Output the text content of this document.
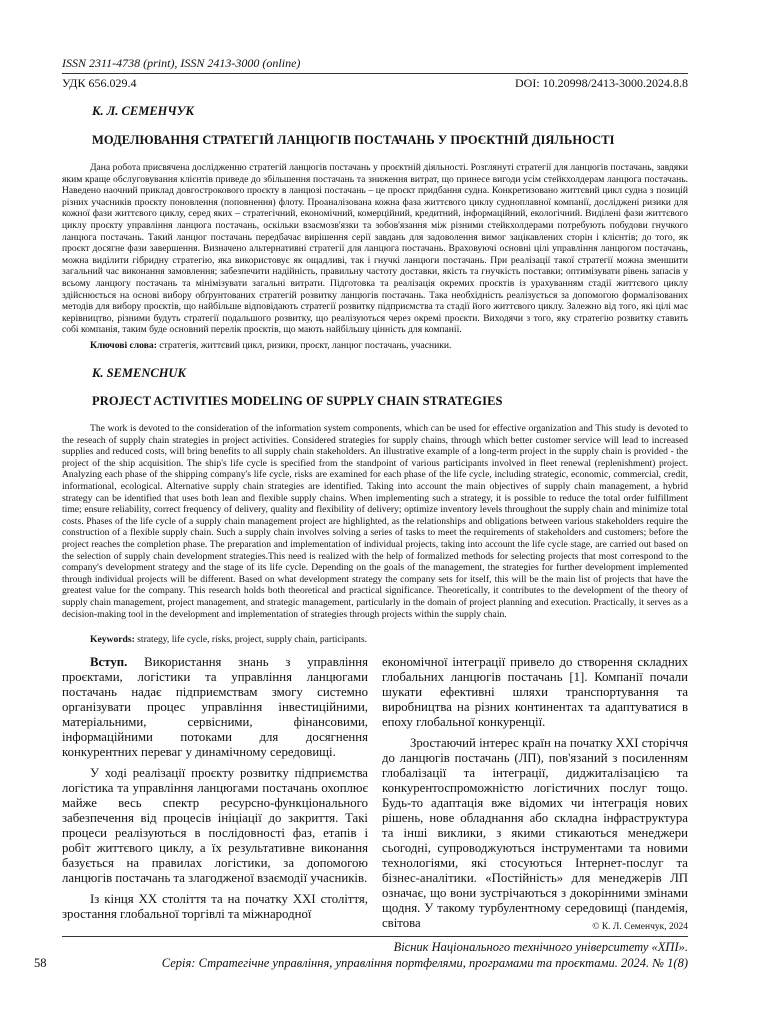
ISSN 2311-4738 (print), ISSN 2413-3000 (online)
УДК 656.029.4	DOI: 10.20998/2413-3000.2024.8.8
К. Л. СЕМЕНЧУК
МОДЕЛЮВАННЯ СТРАТЕГІЙ ЛАНЦЮГІВ ПОСТАЧАНЬ У ПРОЄКТНІЙ ДІЯЛЬНОСТІ

Дана робота присвячена дослідженню стратегій ланцюгів постачань у проєктній діяльності. Розглянуті стратегії для ланцюгів постачань, завдяки яким краще обслуговування клієнтів приведе до збільшення постачань та зниження витрат, що принесе вигоди усім стейкхолдерам ланцюга постачань. Наведено наочний приклад довгострокового проєкту в ланцюзі постачань – це проєкт придбання судна. Конкретизовано життєвий цикл судна з позицій різних учасників проєкту поновлення (поповнення) флоту. Проаналізована кожна фаза життєвого циклу судноплавної компанії, досліджені ризики для кожної фази життєвого циклу, серед яких – стратегічний, економічний, комерційний, кредитний, інформаційний, екологічний. Виділені фази життєвого циклу проєкту управління ланцюга постачань, оскільки взаємозв'язки та зобов'язання між різними стейкхолдерами потребують побудови гнучкого ланцюга постачань. Такий ланцюг постачань передбачає вирішення серії завдань для задоволення вимог зацікавлених сторін і клієнтів; до того, як проєкт досягне фази завершення. Визначено альтернативні стратегії для ланцюга постачань. Враховуючі основні цілі управління ланцюгом постачань, можна виділити гібридну стратегію, яка використовує як ощадливі, так і гнучкі ланцюги постачань. При реалізації такої стратегії можна зменшити загальний час виконання замовлення; забезпечити надійність, правильну частоту доставки, якість та гнучкість поставки; оптимізувати рівень запасів у всьому ланцюгу постачань та мінімізувати загальні витрати. Підготовка та реалізація окремих проєктів із урахуванням стадії життєвого циклу здійснюється на основі вибору обґрунтованих стратегій розвитку ланцюгів постачань. Така необхідність реалізується за допомогою формалізованих методів для вибору проєктів, що найбільше відповідають стратегії розвитку підприємства та стадії його життєвого циклу. Залежно від того, які цілі має керівництво, різними будуть стратегії подальшого розвитку, що реалізуються через окремі проєкти. Виходячи з того, яку стратегію розвитку ставить собі компанія, таким буде основний перелік проєктів, що мають найбільшу цінність для компанії.

Ключові слова: стратегія, життєвий цикл, ризики, проєкт, ланцюг постачань, учасники.
K. SEMENCHUK
PROJECT ACTIVITIES MODELING OF SUPPLY CHAIN STRATEGIES

The work is devoted to the consideration of the information system components, which can be used for effective organization and This study is devoted to the reseach of supply chain strategies in project activities. Considered strategies for supply chains, through which better customer service will lead to increased supplies and reduced costs, will bring benefits to all supply chain stakeholders. An illustrative example of a long-term project in the supply chain is provided - the project of the ship acquisition. The ship's life cycle is specified from the standpoint of various participants involved in fleet renewal (replenishment) project. Analyzing each phase of the shipping company's life cycle, risks are examined for each phase of the life cycle, including strategic, economic, commercial, credit, informational, ecological. Alternative supply chain strategies are identified. Taking into account the main objectives of supply chain management, a hybrid strategy can be identified that uses both lean and flexible supply chains. When implementing such a strategy, it is possible to reduce the total order fulfillment time; ensure reliability, correct frequency of delivery, quality and flexibility of delivery; optimize inventory levels throughout the supply chain and minimize total costs. Phases of the life cycle of a supply chain management project are highlighted, as the relationships and obligations between various stakeholders require the construction of a flexible supply chain. Such a supply chain involves solving a series of tasks to meet the requirements of stakeholders and customers; before the project reaches the completion phase. The preparation and implementation of individual projects, taking into account the life cycle stage, are carried out based on the selection of supply chain development strategies.This need is realized with the help of formalized methods for selecting projects that most correspond to the company's development strategy and the stage of its life cycle. Depending on the goals of the management, the strategies for further development implemented through individual projects will be different. Based on what development strategy the company sets for itself, this will be the main list of projects that have the greatest value for the company. This research holds both theoretical and practical significance. Theoretically, it contributes to the development of the theory of supply chain management, project management, and strategic management, particularly in the domain of project planning and execution. Practically, it serves as a decision-making tool in the development and implementation of strategies through projects within the supply chain.

Keywords: strategy, life cycle, risks, project, supply chain, participants.

Вступ. Використання знань з управління проєктами, логістики та управління ланцюгами постачань надає підприємствам змогу системно організувати процес управління інвестиційними, матеріальними, сервісними, фінансовими, інформаційними потоками для досягнення конкурентних переваг у динамічному середовищі.

У ході реалізації проєкту розвитку підприємства логістика та управління ланцюгами постачань охоплює майже весь спектр ресурсно-функціонального забезпечення від процесів ініціації до закриття. Такі процеси реалізуються в послідовності фаз, етапів і робіт життєвого циклу, а їх результативне виконання базується на правилах логістики, за допомогою ланцюгів постачань та злагодженої взаємодії учасників.

Із кінця XX століття та на початку XXI століття, зростання глобальної торгівлі та міжнародної

економічної інтеграції привело до створення складних глобальних ланцюгів постачань [1]. Компанії почали шукати ефективні шляхи транспортування та виробництва на різних континентах та адаптуватися в епоху глобальної конкуренції.

Зростаючий інтерес країн на початку XXI сторіччя до ланцюгів постачань (ЛП), пов'язаний з посиленням глобалізації та інтеграції, диджиталізацією та конкурентоспроможністю логістичних послуг тощо. Будь-то адаптація вже відомих чи інтеграція нових рішень, нове обладнання або складна інфраструктура та інші виклики, з якими стикаються менеджери сьогодні, супроводжуються інструментами та новими технологіями, які стосуються Інтернет-послуг та бізнес-аналітики. «Постійність» для менеджерів ЛП означає, що вони зустрічаються з докорінними змінами щодня. У такому турбулентному середовищі (пандемія, світова	© К. Л. Семенчук, 2024
Вісник Національного технічного університету «ХПІ».
58	Серія: Стратегічне управління, управління портфелями, програмами та проєктами. 2024. № 1(8)
